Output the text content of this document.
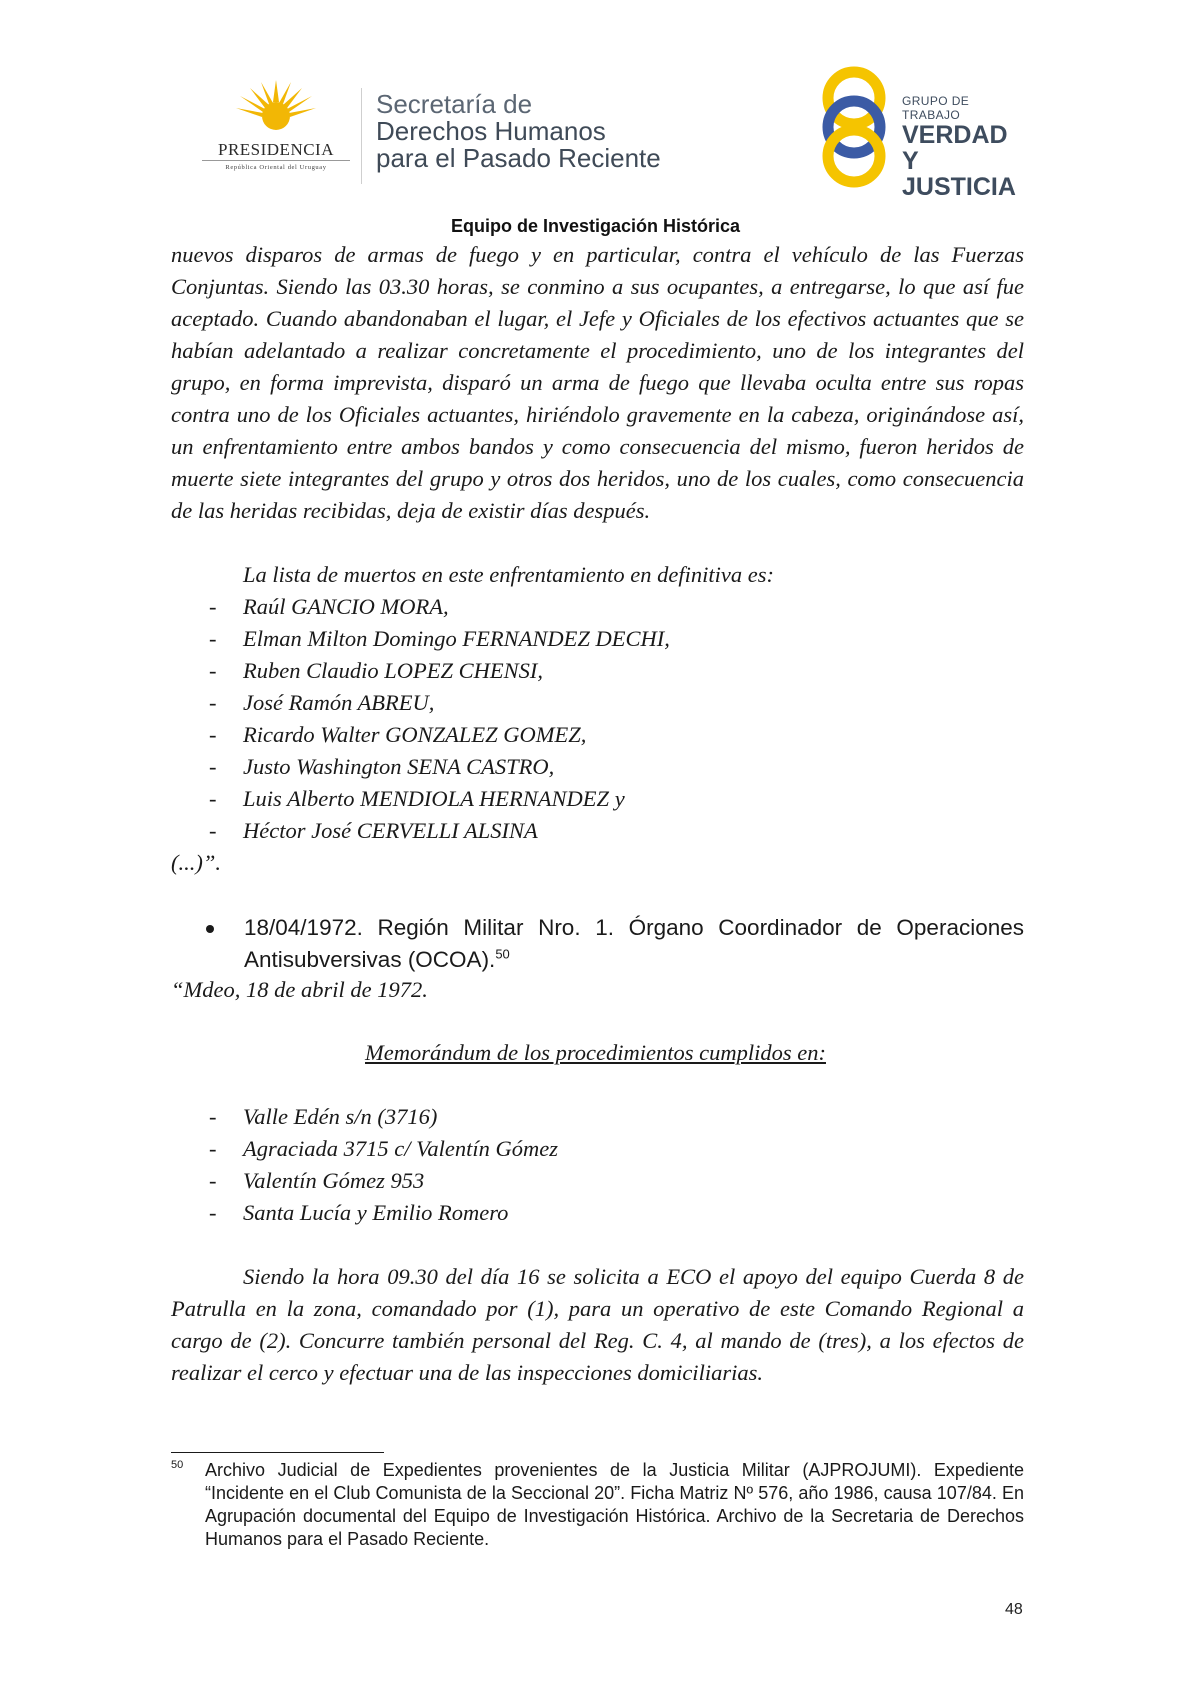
PRESIDENCIA
República Oriental del Uruguay
Secretaría de
Derechos Humanos
para el Pasado Reciente
GRUPO DE TRABAJO
VERDAD Y
JUSTICIA
Equipo de Investigación Histórica
nuevos disparos de armas de fuego y en particular, contra el vehículo de las Fuerzas Conjuntas. Siendo las 03.30 horas, se conmino a sus ocupantes, a entregarse, lo que así fue aceptado. Cuando abandonaban el lugar, el Jefe y Oficiales de los efectivos actuantes que se habían adelantado a realizar concretamente el procedimiento, uno de los integrantes del grupo, en forma imprevista, disparó un arma de fuego que llevaba oculta entre sus ropas contra uno de los Oficiales actuantes, hiriéndolo gravemente en la cabeza, originándose así, un enfrentamiento entre ambos bandos y como consecuencia del mismo, fueron heridos de muerte siete integrantes del grupo y otros dos heridos, uno de los cuales, como consecuencia de las heridas recibidas, deja de existir días después.
La lista de muertos en este enfrentamiento en definitiva es:
- Raúl GANCIO MORA,
- Elman Milton Domingo FERNANDEZ DECHI,
- Ruben Claudio LOPEZ CHENSI,
- José Ramón ABREU,
- Ricardo Walter GONZALEZ GOMEZ,
- Justo Washington SENA CASTRO,
- Luis Alberto MENDIOLA HERNANDEZ y
- Héctor José CERVELLI ALSINA
(...)”.
18/04/1972. Región Militar Nro. 1. Órgano Coordinador de Operaciones Antisubversivas (OCOA).$^{50}$
“Mdeo, 18 de abril de 1972.
Memorándum de los procedimientos cumplidos en:
- Valle Edén s/n (3716)
- Agraciada 3715 c/ Valentín Gómez
- Valentín Gómez 953
- Santa Lucía y Emilio Romero
Siendo la hora 09.30 del día 16 se solicita a ECO el apoyo del equipo Cuerda 8 de Patrulla en la zona, comandado por (1), para un operativo de este Comando Regional a cargo de (2). Concurre también personal del Reg. C. 4, al mando de (tres), a los efectos de realizar el cerco y efectuar una de las inspecciones domiciliarias.
50 Archivo Judicial de Expedientes provenientes de la Justicia Militar (AJPROJUMI). Expediente “Incidente en el Club Comunista de la Seccional 20”. Ficha Matriz Nº 576, año 1986, causa 107/84. En Agrupación documental del Equipo de Investigación Histórica. Archivo de la Secretaria de Derechos Humanos para el Pasado Reciente.
48
